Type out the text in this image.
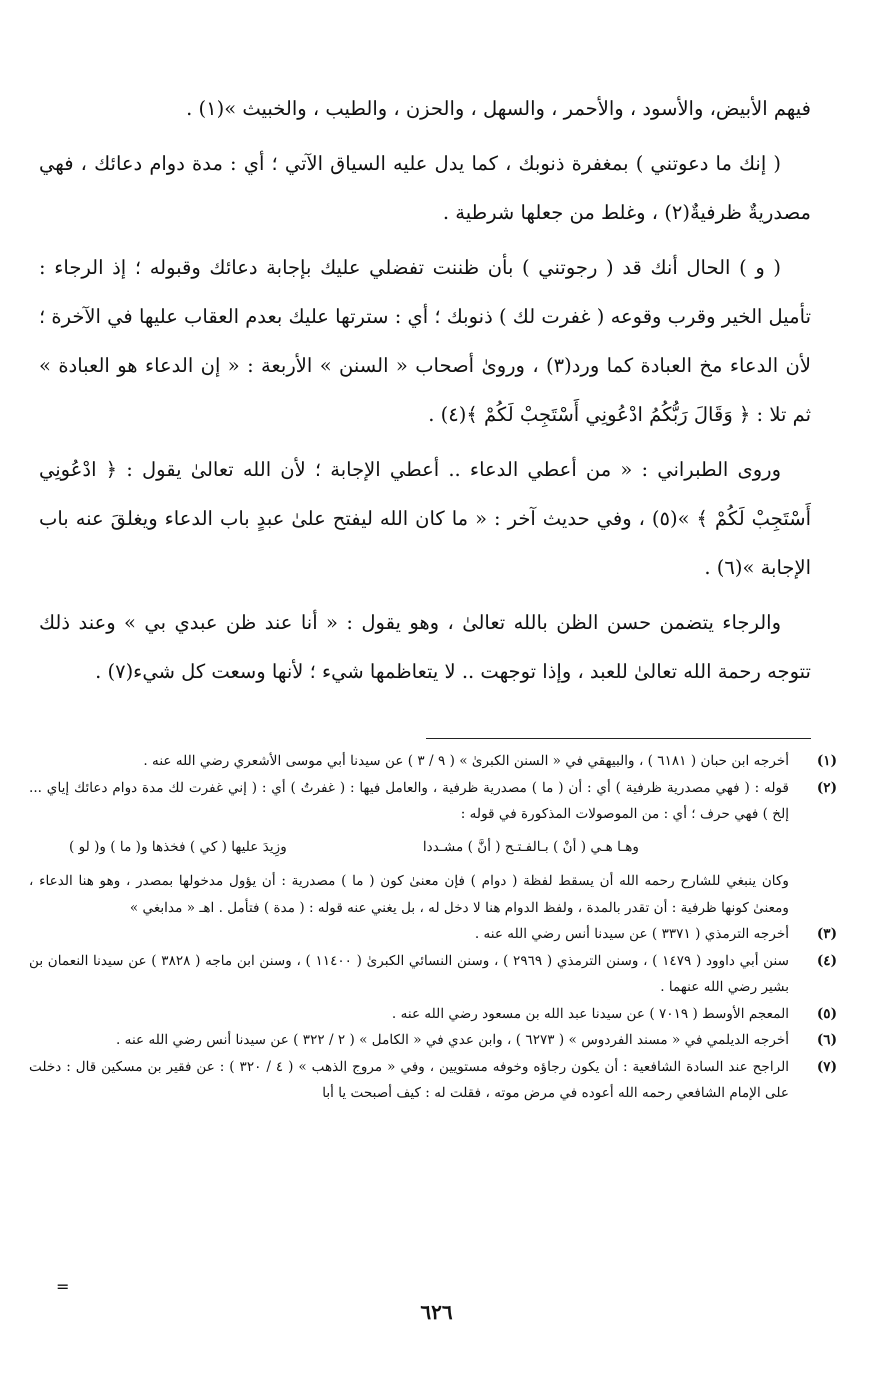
فيهم الأبيض، والأسود ، والأحمر ، والسهل ، والحزن ، والطيب ، والخبيث »(١) .

( إنك ما دعوتني ) بمغفرة ذنوبك ، كما يدل عليه السياق الآتي ؛ أي : مدة دوام دعائك ، فهي مصدريةٌ ظرفيةٌ(٢) ، وغلط من جعلها شرطية .

( و ) الحال أنك قد ( رجوتني ) بأن ظننت تفضلي عليك بإجابة دعائك وقبوله ؛ إذ الرجاء : تأميل الخير وقرب وقوعه ( غفرت لك ) ذنوبك ؛ أي : سترتها عليك بعدم العقاب عليها في الآخرة ؛ لأن الدعاء مخ العبادة كما ورد(٣) ، وروىٰ أصحاب « السنن » الأربعة : « إن الدعاء هو العبادة » ثم تلا : ﴿ وَقَالَ رَبُّكُمُ ادْعُونِي أَسْتَجِبْ لَكُمْ ﴾(٤) .

وروى الطبراني : « من أعطي الدعاء .. أعطي الإجابة ؛ لأن الله تعالىٰ يقول : ﴿ ادْعُونِي أَسْتَجِبْ لَكُمْ ﴾ »(٥) ، وفي حديث آخر : « ما كان الله ليفتح علىٰ عبدٍ باب الدعاء ويغلقَ عنه باب الإجابة »(٦) .

والرجاء يتضمن حسن الظن بالله تعالىٰ ، وهو يقول : « أنا عند ظن عبدي بي » وعند ذلك تتوجه رحمة الله تعالىٰ للعبد ، وإذا توجهت .. لا يتعاظمها شيء ؛ لأنها وسعت كل شيء(٧) .

(١)
أخرجه ابن حبان ( ٦١٨١ ) ، والبيهقي في « السنن الكبرىٰ » ( ٩ / ٣ ) عن سيدنا أبي موسى الأشعري رضي الله عنه .
(٢)
قوله : ( فهي مصدرية ظرفية ) أي : أن ( ما ) مصدرية ظرفية ، والعامل فيها : ( غفرتُ ) أي : ( إني غفرت لك مدة دوام دعائك إياي ... إلخ ) فهي حرف ؛ أي : من الموصولات المذكورة في قوله :
وهـا هـي ( أنْ ) بـالفـتـح ( أنَّ ) مشـددا
وزِيدَ عليها ( كي ) فخذها و( ما ) و( لو )
وكان ينبغي للشارح رحمه الله أن يسقط لفظة ( دوام ) فإن معنىٰ كون ( ما ) مصدرية : أن يؤول مدخولها بمصدر ، وهو هنا الدعاء ، ومعنىٰ كونها ظرفية : أن تقدر بالمدة ، ولفظ الدوام هنا لا دخل له ، بل يغني عنه قوله : ( مدة ) فتأمل . اهـ « مدابغي »
(٣)
أخرجه الترمذي ( ٣٣٧١ ) عن سيدنا أنس رضي الله عنه .
(٤)
سنن أبي داوود ( ١٤٧٩ ) ، وسنن الترمذي ( ٢٩٦٩ ) ، وسنن النسائي الكبرىٰ ( ١١٤٠٠ ) ، وسنن ابن ماجه ( ٣٨٢٨ ) عن سيدنا النعمان بن بشير رضي الله عنهما .
(٥)
المعجم الأوسط ( ٧٠١٩ ) عن سيدنا عبد الله بن مسعود رضي الله عنه .
(٦)
أخرجه الديلمي في « مسند الفردوس » ( ٦٢٧٣ ) ، وابن عدي في « الكامل » ( ٢ / ٣٢٢ ) عن سيدنا أنس رضي الله عنه .
(٧)
الراجح عند السادة الشافعية : أن يكون رجاؤه وخوفه مستويين ، وفي « مروج الذهب » ( ٤ / ٣٢٠ ) : عن فقير بن مسكين قال : دخلت على الإمام الشافعي رحمه الله أعوده في مرض موته ، فقلت له : كيف أصبحت يا أبا
=
٦٢٦
